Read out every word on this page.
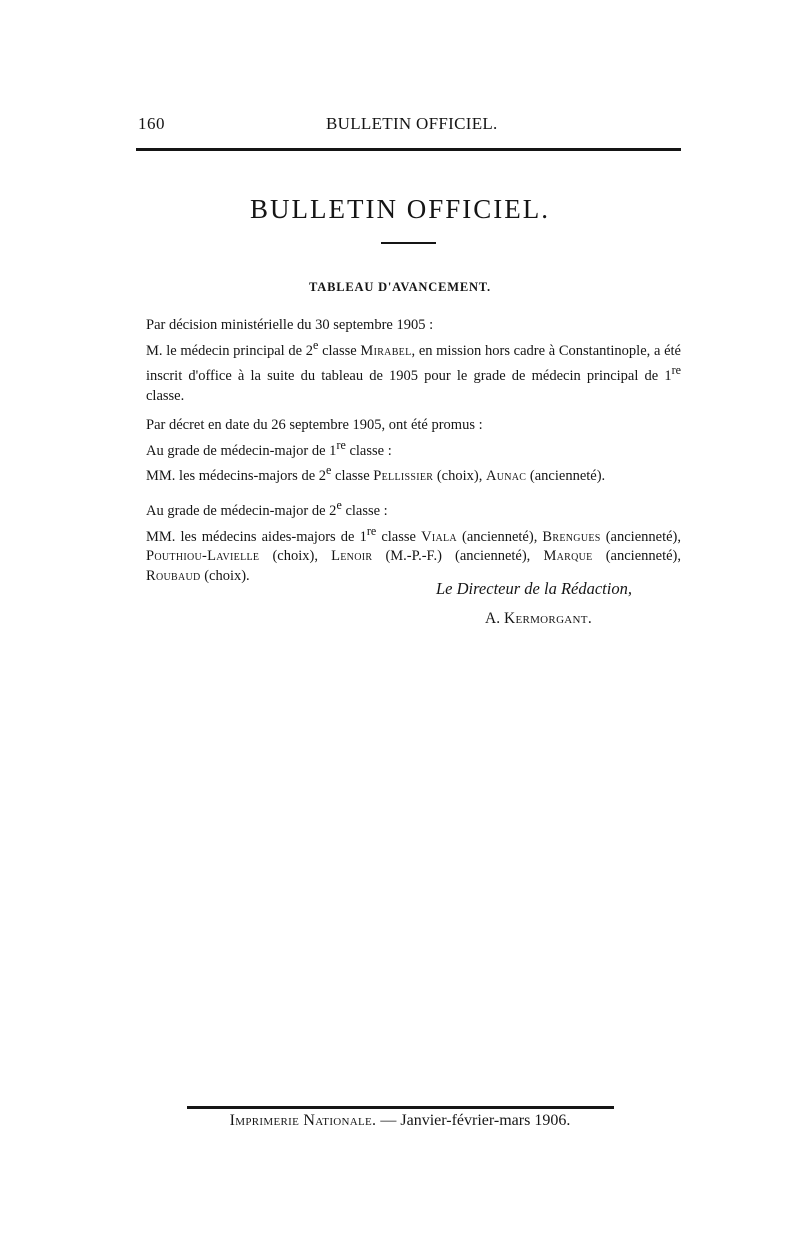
160	BULLETIN OFFICIEL.
BULLETIN OFFICIEL.
TABLEAU D'AVANCEMENT.

Par décision ministérielle du 30 septembre 1905 :
M. le médecin principal de 2e classe Mirabel, en mission hors cadre à Constantinople, a été inscrit d'office à la suite du tableau de 1905 pour le grade de médecin principal de 1re classe.

Par décret en date du 26 septembre 1905, ont été promus :
Au grade de médecin-major de 1re classe :
MM. les médecins-majors de 2e classe Pellissier (choix), Aunac (ancienneté).

Au grade de médecin-major de 2e classe :
MM. les médecins aides-majors de 1re classe Viala (ancienneté), Brengues (ancienneté), Pouthiou-Lavielle (choix), Lenoir (M.-P.-F.) (ancienneté), Marque (ancienneté), Roubaud (choix).

Le Directeur de la Rédaction,
A. Kermorgant.
Imprimerie Nationale. — Janvier-février-mars 1906.
